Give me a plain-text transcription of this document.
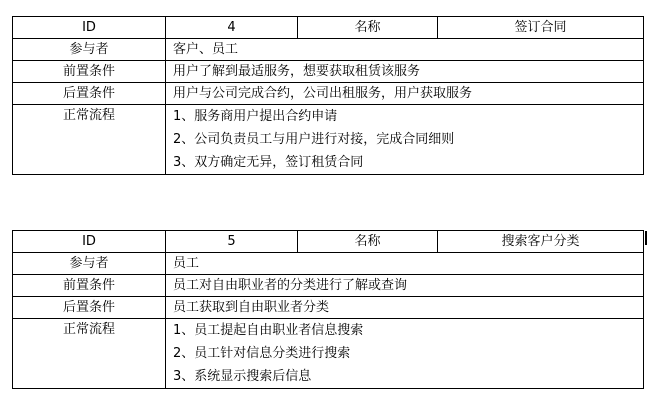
ID	4	名称	签订合同
参与者	客户、员工		
前置条件	用户了解到最适服务，想要获取租赁该服务		
后置条件	用户与公司完成合约，公司出租服务，用户获取服务		
正常流程	1、服务商用户提出合约申请
2、公司负责员工与用户进行对接，完成合同细则
3、双方确定无异，签订租赁合同		
ID	5	名称	搜索客户分类
参与者	员工		
前置条件	员工对自由职业者的分类进行了解或查询		
后置条件	员工获取到自由职业者分类		
正常流程	1、员工提起自由职业者信息搜索
2、员工针对信息分类进行搜索
3、系统显示搜索后信息		
